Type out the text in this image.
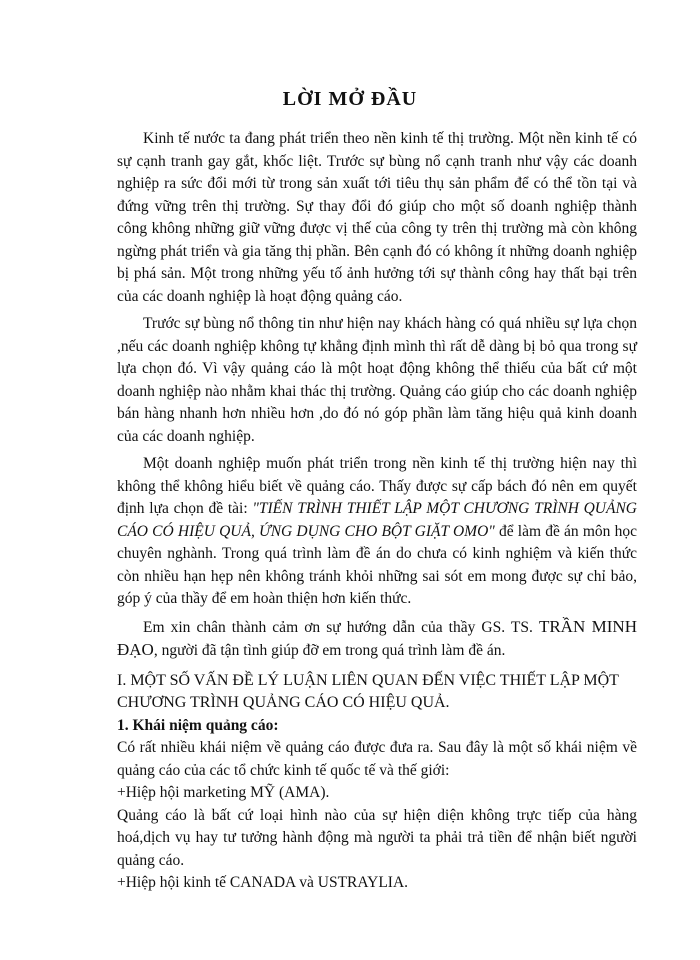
LỜI MỞ ĐẦU

Kinh tế nước ta đang phát triển theo nền kinh tế thị trường. Một nền kinh tế có sự cạnh tranh gay gắt, khốc liệt. Trước sự bùng nổ cạnh tranh như vậy các doanh nghiệp ra sức đổi mới từ trong sản xuất tới tiêu thụ sản phẩm để có thể tồn tại và đứng vững trên thị trường. Sự thay đổi đó giúp cho một số doanh nghiệp thành công không những giữ vững được vị thế của công ty trên thị trường mà còn không ngừng phát triển và gia tăng thị phần. Bên cạnh đó có không ít những doanh nghiệp bị phá sản. Một trong những yếu tố ảnh hưởng tới sự thành công hay thất bại trên của các doanh nghiệp là hoạt động quảng cáo.

Trước sự bùng nổ thông tin như hiện nay khách hàng có quá nhiều sự lựa chọn ,nếu các doanh nghiệp không tự khẳng định mình thì rất dễ dàng bị bỏ qua trong sự lựa chọn đó. Vì vậy quảng cáo là một hoạt động không thể thiếu của bất cứ một doanh nghiệp nào nhằm khai thác thị trường. Quảng cáo giúp cho các doanh nghiệp bán hàng nhanh hơn nhiều hơn ,do đó nó góp phần làm tăng hiệu quả kinh doanh của các doanh nghiệp.

Một doanh nghiệp muốn phát triển trong nền kinh tế thị trường hiện nay thì không thể không hiểu biết về quảng cáo. Thấy được sự cấp bách đó nên em quyết định lựa chọn đề tài: "TIẾN TRÌNH THIẾT LẬP MỘT CHƯƠNG TRÌNH QUẢNG CÁO CÓ HIỆU QUẢ, ỨNG DỤNG CHO BỘT GIẶT OMO" để làm đề án môn học chuyên nghành. Trong quá trình làm đề án do chưa có kinh nghiệm và kiến thức còn nhiều hạn hẹp nên không tránh khỏi những sai sót em mong được sự chỉ bảo, góp ý của thầy để em hoàn thiện hơn kiến thức.

Em xin chân thành cảm ơn sự hướng dẫn của thầy GS. TS. TRẦN MINH ĐẠO, người đã tận tình giúp đỡ em trong quá trình làm đề án.

I. MỘT SỐ VẤN ĐỀ LÝ LUẬN LIÊN QUAN ĐẾN VIỆC THIẾT LẬP MỘT CHƯƠNG TRÌNH QUẢNG CÁO CÓ HIỆU QUẢ.

1. Khái niệm quảng cáo:

Có rất nhiều khái niệm về quảng cáo được đưa ra. Sau đây là một số khái niệm về quảng cáo của các tổ chức kinh tế quốc tế và thế giới:

+Hiệp hội marketing MỸ (AMA).

Quảng cáo là bất cứ loại hình nào của sự hiện diện không trực tiếp của hàng hoá,dịch vụ hay tư tưởng hành động mà người ta phải trả tiền để nhận biết người quảng cáo.

+Hiệp hội kinh tế CANADA và USTRAYLIA.
